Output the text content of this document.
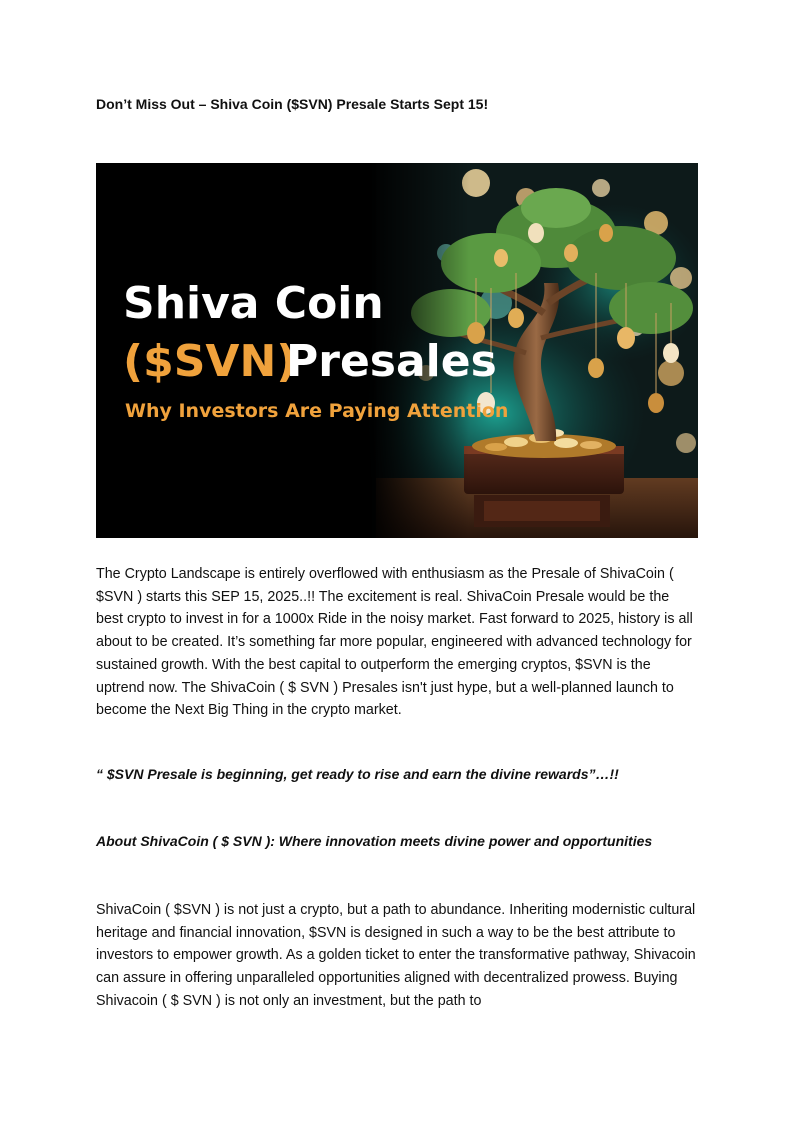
Don’t Miss Out – Shiva Coin ($SVN) Presale Starts Sept 15!
Shiva Coin
($SVN)
Presales
Why Investors Are Paying Attention

The Crypto Landscape is entirely overflowed with enthusiasm as the Presale of ShivaCoin ( $SVN ) starts this SEP 15, 2025..!! The excitement is real. ShivaCoin Presale would be the best crypto to invest in for a 1000x Ride in the noisy market. Fast forward to 2025, history is all about to be created. It’s something far more popular, engineered with advanced technology for sustained growth. With the best capital to outperform the emerging cryptos, $SVN is the uptrend now. The ShivaCoin ( $ SVN ) Presales isn't just hype, but a well-planned launch to become the Next Big Thing in the crypto market.

“ $SVN Presale is beginning, get ready to rise and earn the divine rewards”…!!
About ShivaCoin ( $ SVN ): Where innovation meets divine power and opportunities

ShivaCoin ( $SVN ) is not just a crypto, but a path to abundance. Inheriting modernistic cultural heritage and financial innovation, $SVN is designed in such a way to be the best attribute to investors to empower growth. As a golden ticket to enter the transformative pathway, Shivacoin can assure in offering unparalleled opportunities aligned with decentralized prowess. Buying Shivacoin ( $ SVN ) is not only an investment, but the path to
